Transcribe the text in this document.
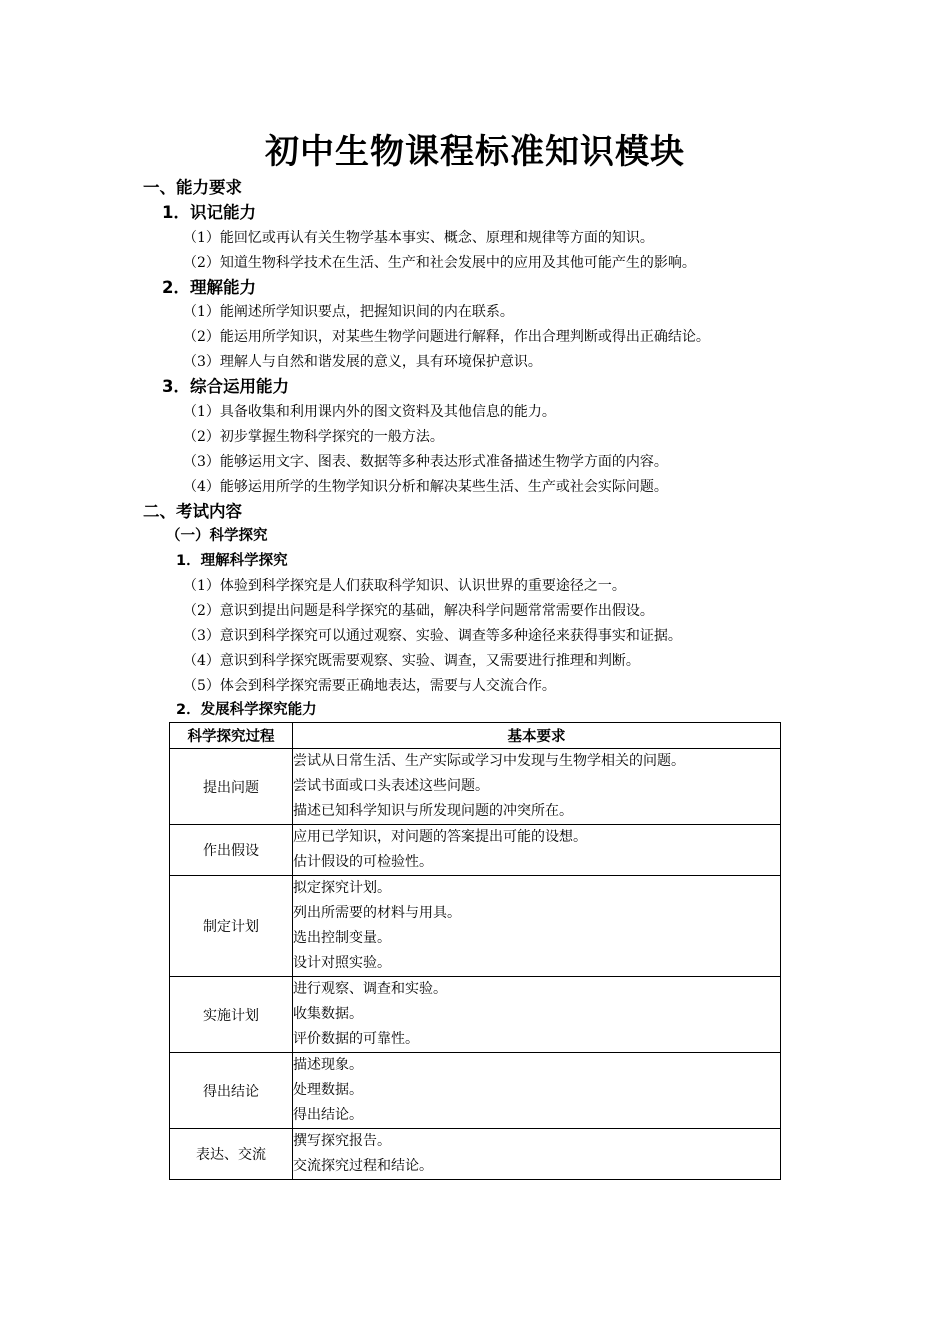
初中生物课程标准知识模块
一、能力要求
1．识记能力
（1）能回忆或再认有关生物学基本事实、概念、原理和规律等方面的知识。
（2）知道生物科学技术在生活、生产和社会发展中的应用及其他可能产生的影响。
2．理解能力
（1）能阐述所学知识要点，把握知识间的内在联系。
（2）能运用所学知识，对某些生物学问题进行解释，作出合理判断或得出正确结论。
（3）理解人与自然和谐发展的意义，具有环境保护意识。
3．综合运用能力
（1）具备收集和利用课内外的图文资料及其他信息的能力。
（2）初步掌握生物科学探究的一般方法。
（3）能够运用文字、图表、数据等多种表达形式准备描述生物学方面的内容。
（4）能够运用所学的生物学知识分析和解决某些生活、生产或社会实际问题。
二、考试内容
（一）科学探究
1．理解科学探究
（1）体验到科学探究是人们获取科学知识、认识世界的重要途径之一。
（2）意识到提出问题是科学探究的基础，解决科学问题常常需要作出假设。
（3）意识到科学探究可以通过观察、实验、调查等多种途径来获得事实和证据。
（4）意识到科学探究既需要观察、实验、调查，又需要进行推理和判断。
（5）体会到科学探究需要正确地表达，需要与人交流合作。
2．发展科学探究能力
科学探究过程	基本要求
提出问题	尝试从日常生活、生产实际或学习中发现与生物学相关的问题。
尝试书面或口头表述这些问题。
描述已知科学知识与所发现问题的冲突所在。

作出假设	应用已学知识，对问题的答案提出可能的设想。
估计假设的可检验性。

制定计划	拟定探究计划。
列出所需要的材料与用具。
选出控制变量。
设计对照实验。

实施计划	进行观察、调查和实验。
收集数据。
评价数据的可靠性。

得出结论	描述现象。
处理数据。
得出结论。

表达、交流	撰写探究报告。
交流探究过程和结论。
